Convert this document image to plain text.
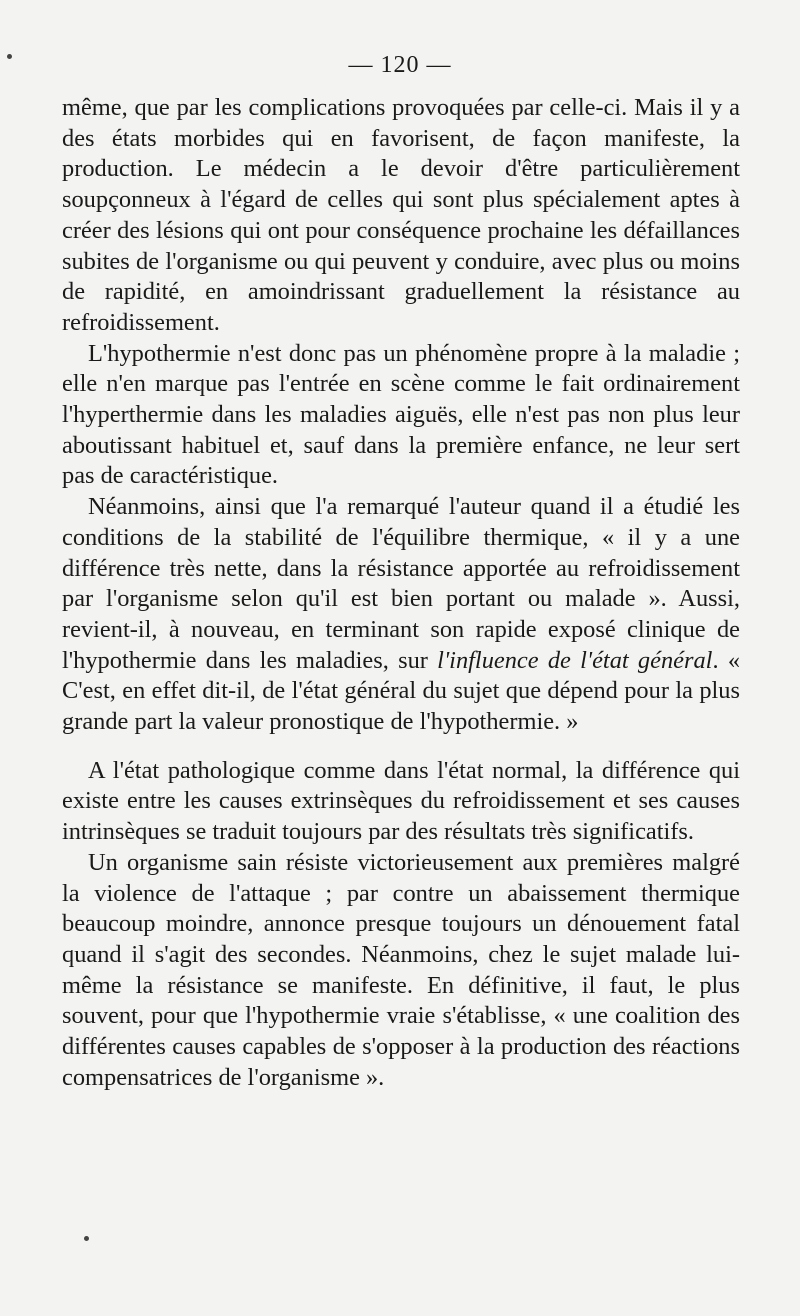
— 120 —

même, que par les complications provoquées par celle-ci. Mais il y a des états morbides qui en favorisent, de façon manifeste, la production. Le médecin a le devoir d'être particulièrement soupçonneux à l'égard de celles qui sont plus spécialement aptes à créer des lésions qui ont pour conséquence prochaine les défaillances subites de l'organisme ou qui peuvent y conduire, avec plus ou moins de rapidité, en amoindrissant graduellement la résistance au refroidissement.

L'hypothermie n'est donc pas un phénomène propre à la maladie ; elle n'en marque pas l'entrée en scène comme le fait ordinairement l'hyperthermie dans les maladies aiguës, elle n'est pas non plus leur aboutissant habituel et, sauf dans la première enfance, ne leur sert pas de caractéristique.

Néanmoins, ainsi que l'a remarqué l'auteur quand il a étudié les conditions de la stabilité de l'équilibre thermique, « il y a une différence très nette, dans la résistance apportée au refroidissement par l'organisme selon qu'il est bien portant ou malade ». Aussi, revient-il, à nouveau, en terminant son rapide exposé clinique de l'hypothermie dans les maladies, sur l'influence de l'état général. « C'est, en effet dit-il, de l'état général du sujet que dépend pour la plus grande part la valeur pronostique de l'hypothermie. »

A l'état pathologique comme dans l'état normal, la différence qui existe entre les causes extrinsèques du refroidissement et ses causes intrinsèques se traduit toujours par des résultats très significatifs.

Un organisme sain résiste victorieusement aux premières malgré la violence de l'attaque ; par contre un abaissement thermique beaucoup moindre, annonce presque toujours un dénouement fatal quand il s'agit des secondes. Néanmoins, chez le sujet malade lui-même la résistance se manifeste. En définitive, il faut, le plus souvent, pour que l'hypothermie vraie s'établisse, « une coalition des différentes causes capables de s'opposer à la production des réactions compensatrices de l'organisme ».
